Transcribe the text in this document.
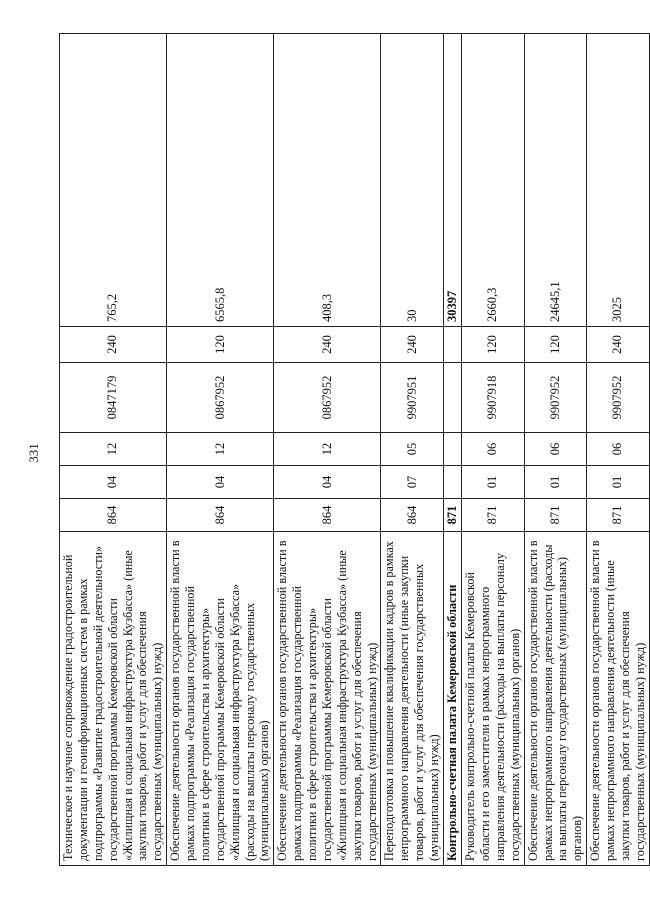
331
Техническое и научное сопровождение градостроительной документации и геоинформационных систем в рамках подпрограммы «Развитие градостроительной деятельности» государственной программы Кемеровской области «Жилищная и социальная инфраструктура Кузбасса» (иные закупки товаров, работ и услуг для обеспечения государственных (муниципальных) нужд)	864	04	12	0847179	240	765,2
Обеспечение деятельности органов государственной власти в рамках подпрограммы «Реализация государственной политики в сфере строительства и архитектуры» государственной программы Кемеровской области «Жилищная и социальная инфраструктура Кузбасса» (расходы на выплаты персоналу государственных (муниципальных) органов)	864	04	12	0867952	120	6565,8
Обеспечение деятельности органов государственной власти в рамках подпрограммы «Реализация государственной политики в сфере строительства и архитектуры» государственной программы Кемеровской области «Жилищная и социальная инфраструктура Кузбасса» (иные закупки товаров, работ и услуг для обеспечения государственных (муниципальных) нужд)	864	04	12	0867952	240	408,3
Переподготовка и повышение квалификации кадров в рамках непрограммного направления деятельности (иные закупки товаров, работ и услуг для обеспечения государственных (муниципальных) нужд)	864	07	05	9907951	240	30
Контрольно-счетная палата Кемеровской области	871					30397
Руководитель контрольно-счетной палаты Кемеровской области и его заместители в рамках непрограммного направления деятельности (расходы на выплаты персоналу государственных (муниципальных) органов)	871	01	06	9907918	120	2660,3
Обеспечение деятельности органов государственной власти в рамках непрограммного направления деятельности (расходы на выплаты персоналу государственных (муниципальных) органов)	871	01	06	9907952	120	24645,1
Обеспечение деятельности органов государственной власти в рамках непрограммного направления деятельности (иные закупки товаров, работ и услуг для обеспечения государственных (муниципальных) нужд)	871	01	06	9907952	240	3025
